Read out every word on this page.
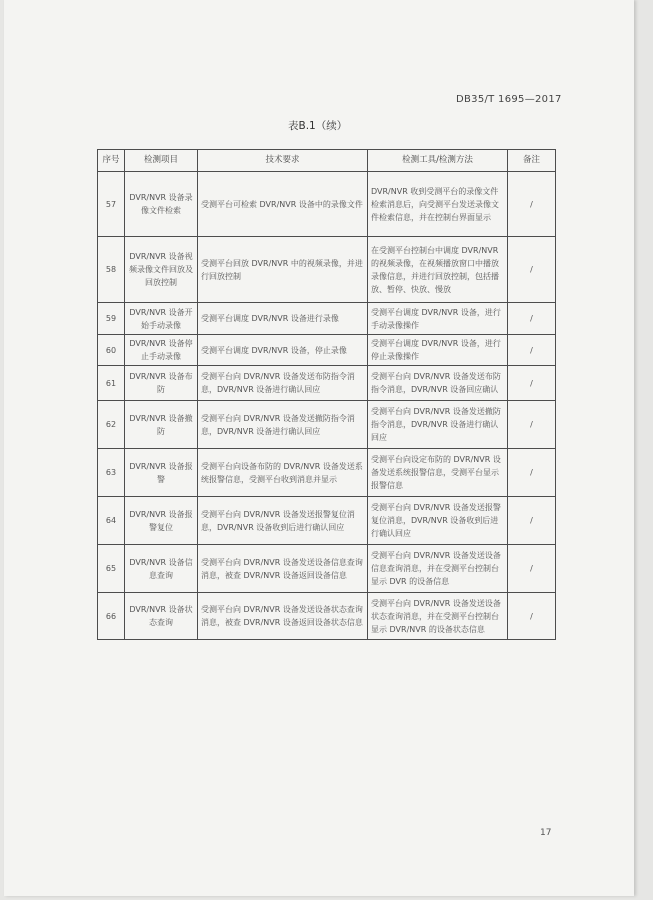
DB35/T 1695—2017
表B.1（续）
序号	检测项目	技术要求	检测工具/检测方法	备注
57	DVR/NVR 设备录像文件检索	受测平台可检索 DVR/NVR 设备中的录像文件	DVR/NVR 收到受测平台的录像文件检索消息后，向受测平台发送录像文件检索信息，并在控制台界面显示	/
58	DVR/NVR 设备视频录像文件回放及回放控制	受测平台回放 DVR/NVR 中的视频录像，并进行回放控制	在受测平台控制台中调度 DVR/NVR 的视频录像，在视频播放窗口中播放录像信息，并进行回放控制，包括播放、暂停、快放、慢放	/
59	DVR/NVR 设备开始手动录像	受测平台调度 DVR/NVR 设备进行录像	受测平台调度 DVR/NVR 设备，进行手动录像操作	/
60	DVR/NVR 设备停止手动录像	受测平台调度 DVR/NVR 设备，停止录像	受测平台调度 DVR/NVR 设备，进行停止录像操作	/
61	DVR/NVR 设备布防	受测平台向 DVR/NVR 设备发送布防指令消息，DVR/NVR 设备进行确认回应	受测平台向 DVR/NVR 设备发送布防指令消息，DVR/NVR 设备回应确认	/
62	DVR/NVR 设备撤防	受测平台向 DVR/NVR 设备发送撤防指令消息，DVR/NVR 设备进行确认回应	受测平台向 DVR/NVR 设备发送撤防指令消息，DVR/NVR 设备进行确认回应	/
63	DVR/NVR 设备报警	受测平台向设备布防的 DVR/NVR 设备发送系统报警信息，受测平台收到消息并显示	受测平台向设定布防的 DVR/NVR 设备发送系统报警信息，受测平台显示报警信息	/
64	DVR/NVR 设备报警复位	受测平台向 DVR/NVR 设备发送报警复位消息，DVR/NVR 设备收到后进行确认回应	受测平台向 DVR/NVR 设备发送报警复位消息，DVR/NVR 设备收到后进行确认回应	/
65	DVR/NVR 设备信息查询	受测平台向 DVR/NVR 设备发送设备信息查询消息，被查 DVR/NVR 设备返回设备信息	受测平台向 DVR/NVR 设备发送设备信息查询消息，并在受测平台控制台显示 DVR 的设备信息	/
66	DVR/NVR 设备状态查询	受测平台向 DVR/NVR 设备发送设备状态查询消息，被查 DVR/NVR 设备返回设备状态信息	受测平台向 DVR/NVR 设备发送设备状态查询消息，并在受测平台控制台显示 DVR/NVR 的设备状态信息	/
17
